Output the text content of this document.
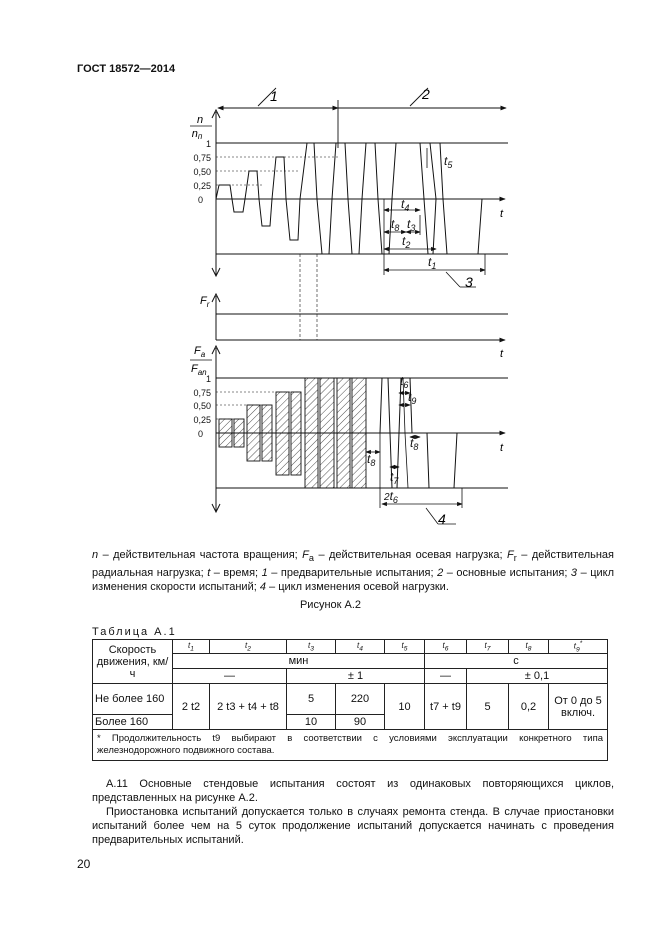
ГОСТ 18572—2014
1	2
1
0,75
0,50
0,25
0
n
nп
t
$t_5$
$t_4$
$t_8$ $t_3$
$t_2$
$t_1$
3
$F_r$
t
1
0,75
0,50
0,25
0
$F_a$
$F_{an}$
t
$t_6$
$t_9$
$t_8$
$t_8$
$t_7$
$2t_6$
4
n – действительная частота вращения; $F_a$ – действительная осевая нагрузка; $F_r$ – действительная радиальная нагрузка; t – время; 1 – предварительные испытания; 2 – основные испытания; 3 – цикл изменения скорости испытаний; 4 – цикл изменения осевой нагрузки.
Рисунок А.2
Таблица А.1
Скорость движения, км/ч	$t_1$	$t_2$	$t_3$	$t_4$	$t_5$	$t_6$	$t_7$	$t_8$	$t_9^*$
	мин					с			
	—		± 1			—	± 0,1		
Не более 160	2 t2	2 t3 + t4 + t8	5	220	10	t7 + t9	5	0,2	От 0 до 5 включ.
Более 160			10	90					
* Продолжительность t9 выбирают в соответствии с условиями эксплуатации конкретного типа железнодорожного подвижного состава.									
А.11 Основные стендовые испытания состоят из одинаковых повторяющихся циклов, представленных на рисунке А.2.
Приостановка испытаний допускается только в случаях ремонта стенда. В случае приостановки испытаний более чем на 5 суток продолжение испытаний допускается начинать с проведения предварительных испытаний.
20
